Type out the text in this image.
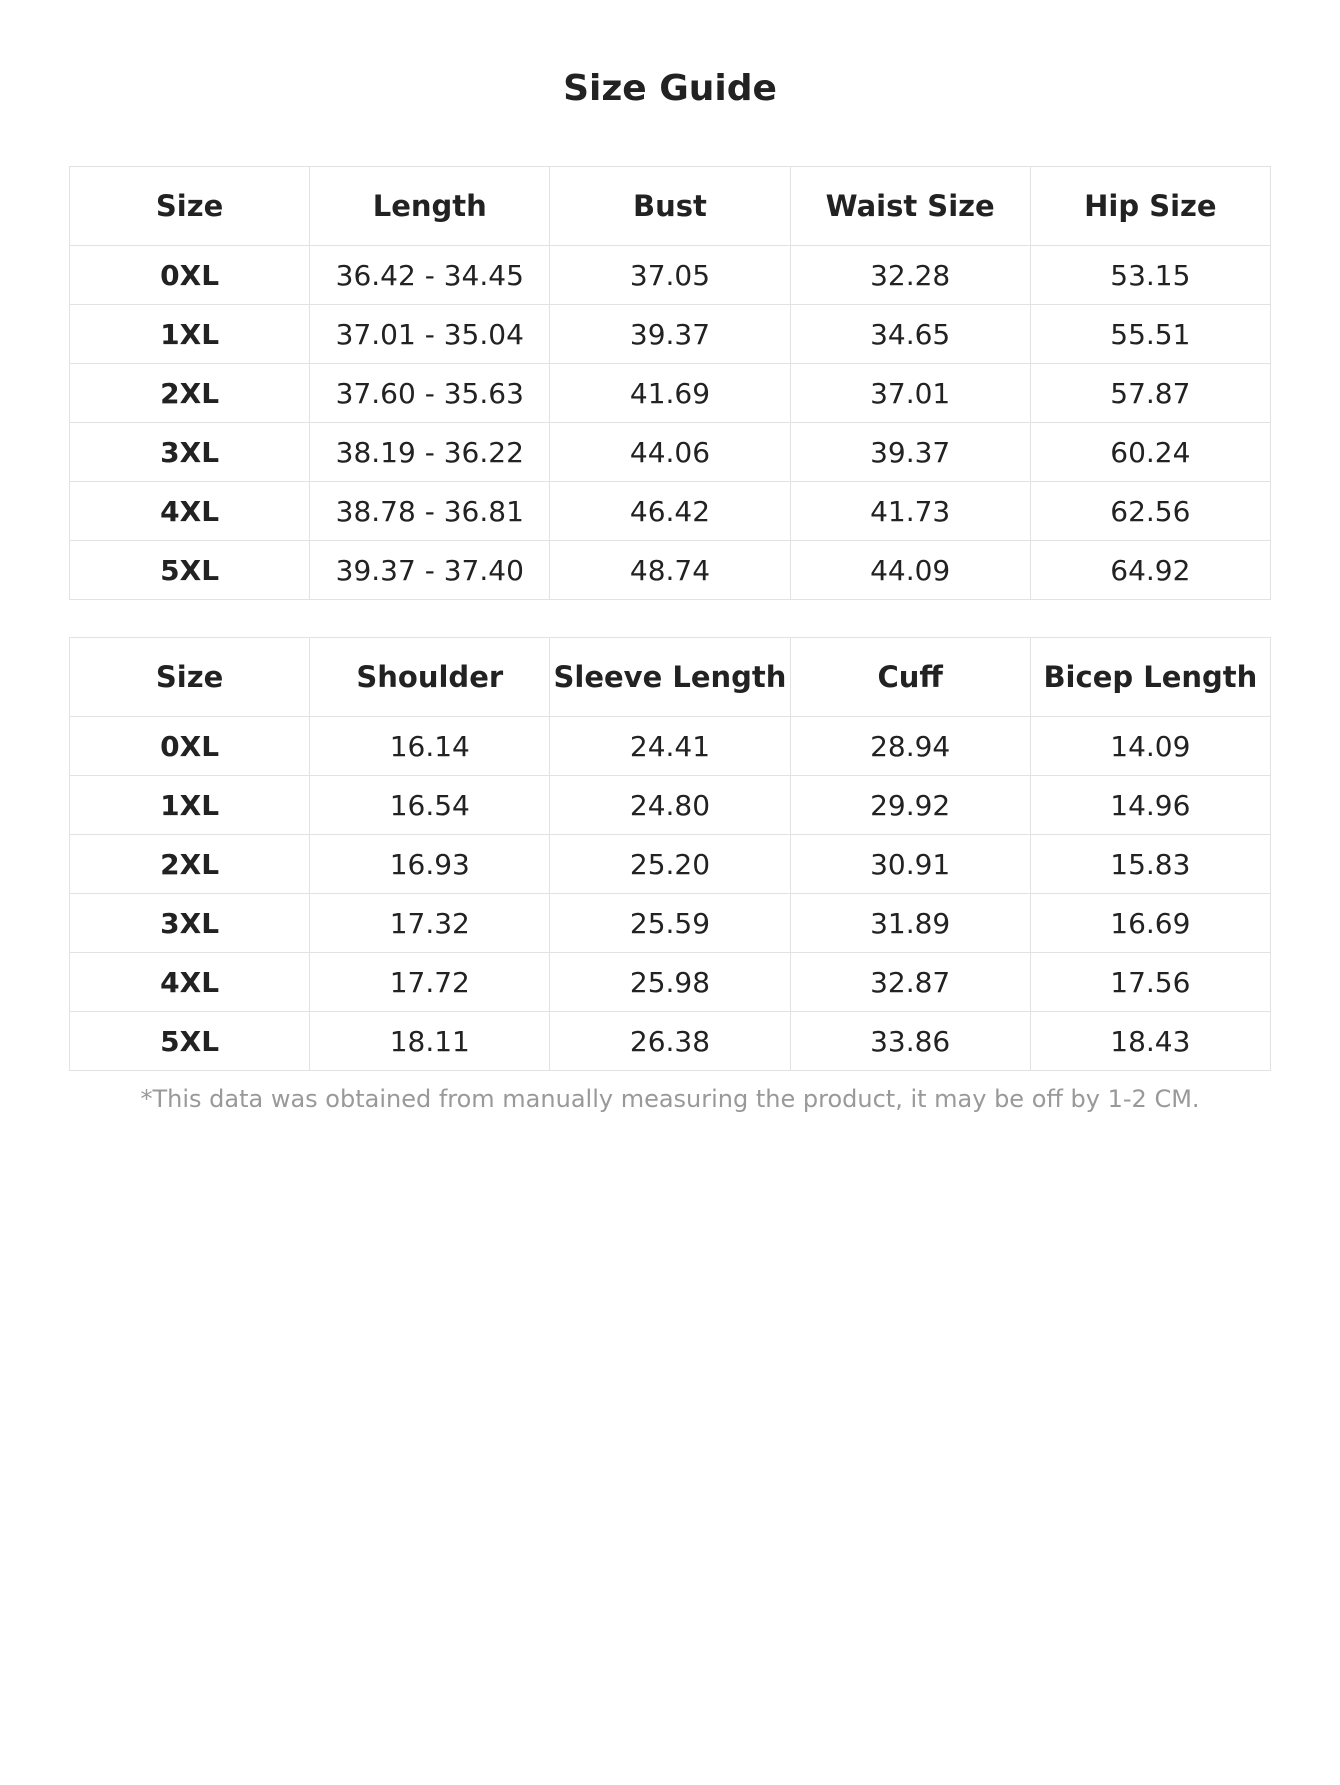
Size Guide
Size	Length	Bust	Waist Size	Hip Size
0XL	36.42 - 34.45	37.05	32.28	53.15
1XL	37.01 - 35.04	39.37	34.65	55.51
2XL	37.60 - 35.63	41.69	37.01	57.87
3XL	38.19 - 36.22	44.06	39.37	60.24
4XL	38.78 - 36.81	46.42	41.73	62.56
5XL	39.37 - 37.40	48.74	44.09	64.92
Size	Shoulder	Sleeve Length	Cuff	Bicep Length
0XL	16.14	24.41	28.94	14.09
1XL	16.54	24.80	29.92	14.96
2XL	16.93	25.20	30.91	15.83
3XL	17.32	25.59	31.89	16.69
4XL	17.72	25.98	32.87	17.56
5XL	18.11	26.38	33.86	18.43
*This data was obtained from manually measuring the product, it may be off by 1-2 CM.
